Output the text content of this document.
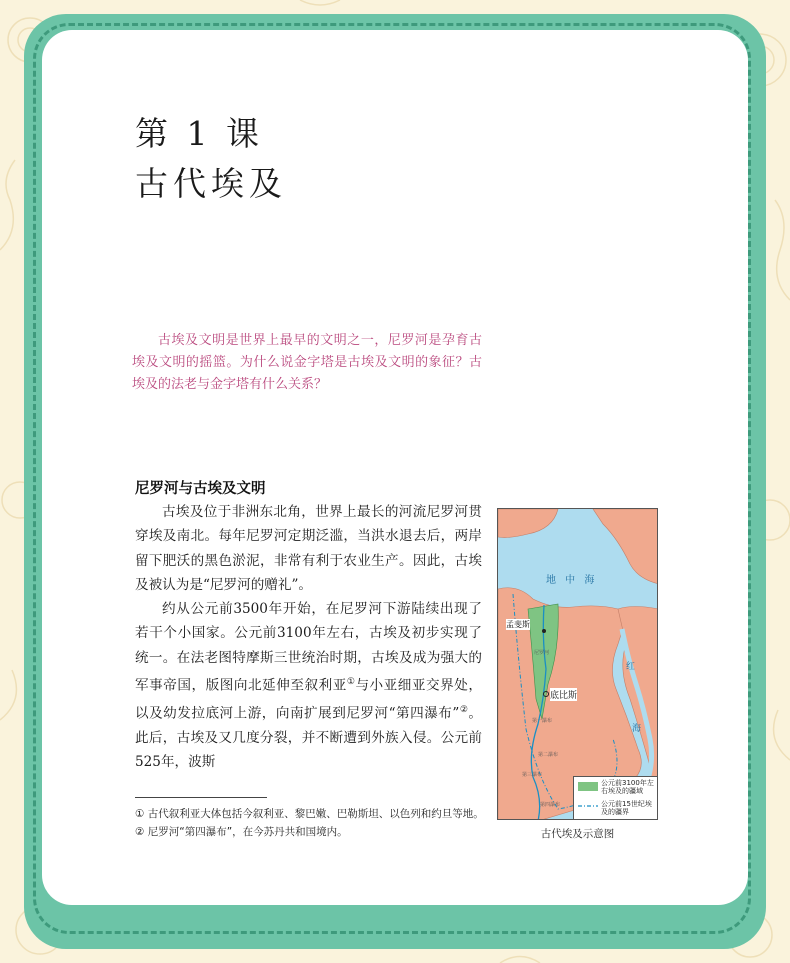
第 1 课
古代埃及
古埃及文明是世界上最早的文明之一，尼罗河是孕育古埃及文明的摇篮。为什么说金字塔是古埃及文明的象征？古埃及的法老与金字塔有什么关系？
尼罗河与古埃及文明

古埃及位于非洲东北角，世界上最长的河流尼罗河贯穿埃及南北。每年尼罗河定期泛滥，当洪水退去后，两岸留下肥沃的黑色淤泥，非常有利于农业生产。因此，古埃及被认为是“尼罗河的赠礼”。

约从公元前3500年开始，在尼罗河下游陆续出现了若干个小国家。公元前3100年左右，古埃及初步实现了统一。在法老图特摩斯三世统治时期，古埃及成为强大的军事帝国，版图向北延伸至叙利亚①与小亚细亚交界处，以及幼发拉底河上游，向南扩展到尼罗河“第四瀑布”②。此后，古埃及又几度分裂，并不断遭到外族入侵。公元前525年，波斯

① 古代叙利亚大体包括今叙利亚、黎巴嫩、巴勒斯坦、以色列和约旦等地。
② 尼罗河“第四瀑布”，在今苏丹共和国境内。
地 中 海
红
海
孟斐斯
底比斯
尼罗河
第一瀑布
第二瀑布
第三瀑布
第四瀑布
公元前3100年左右埃及的疆域
公元前15世纪埃及的疆界
古代埃及示意图
